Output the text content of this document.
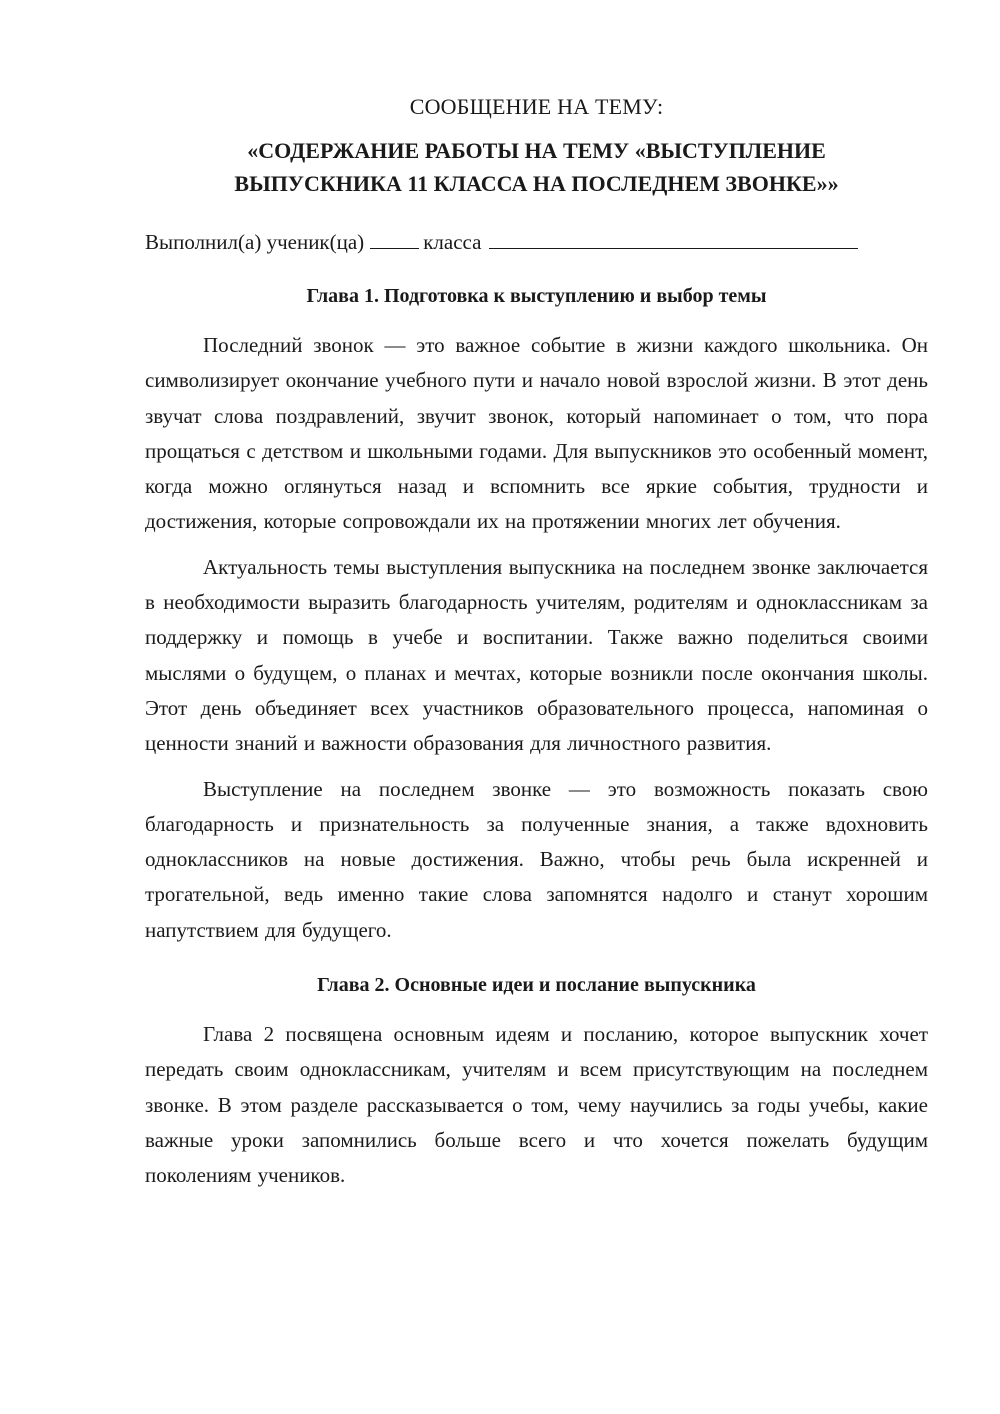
СООБЩЕНИЕ НА ТЕМУ:
«СОДЕРЖАНИЕ РАБОТЫ НА ТЕМУ «ВЫСТУПЛЕНИЕ
ВЫПУСКНИКА 11 КЛАССА НА ПОСЛЕДНЕМ ЗВОНКЕ»»
Выполнил(а) ученик(ца)	класса
Глава 1. Подготовка к выступлению и выбор темы

Последний звонок — это важное событие в жизни каждого школьника. Он символизирует окончание учебного пути и начало новой взрослой жизни. В этот день звучат слова поздравлений, звучит звонок, который напоминает о том, что пора прощаться с детством и школьными годами. Для выпускников это особенный момент, когда можно оглянуться назад и вспомнить все яркие события, трудности и достижения, которые сопровождали их на протяжении многих лет обучения.

Актуальность темы выступления выпускника на последнем звонке заключается в необходимости выразить благодарность учителям, родителям и одноклассникам за поддержку и помощь в учебе и воспитании. Также важно поделиться своими мыслями о будущем, о планах и мечтах, которые возникли после окончания школы. Этот день объединяет всех участников образовательного процесса, напоминая о ценности знаний и важности образования для личностного развития.

Выступление на последнем звонке — это возможность показать свою благодарность и признательность за полученные знания, а также вдохновить одноклассников на новые достижения. Важно, чтобы речь была искренней и трогательной, ведь именно такие слова запомнятся надолго и станут хорошим напутствием для будущего.

Глава 2. Основные идеи и послание выпускника

Глава 2 посвящена основным идеям и посланию, которое выпускник хочет передать своим одноклассникам, учителям и всем присутствующим на последнем звонке. В этом разделе рассказывается о том, чему научились за годы учебы, какие важные уроки запомнились больше всего и что хочется пожелать будущим поколениям учеников.
